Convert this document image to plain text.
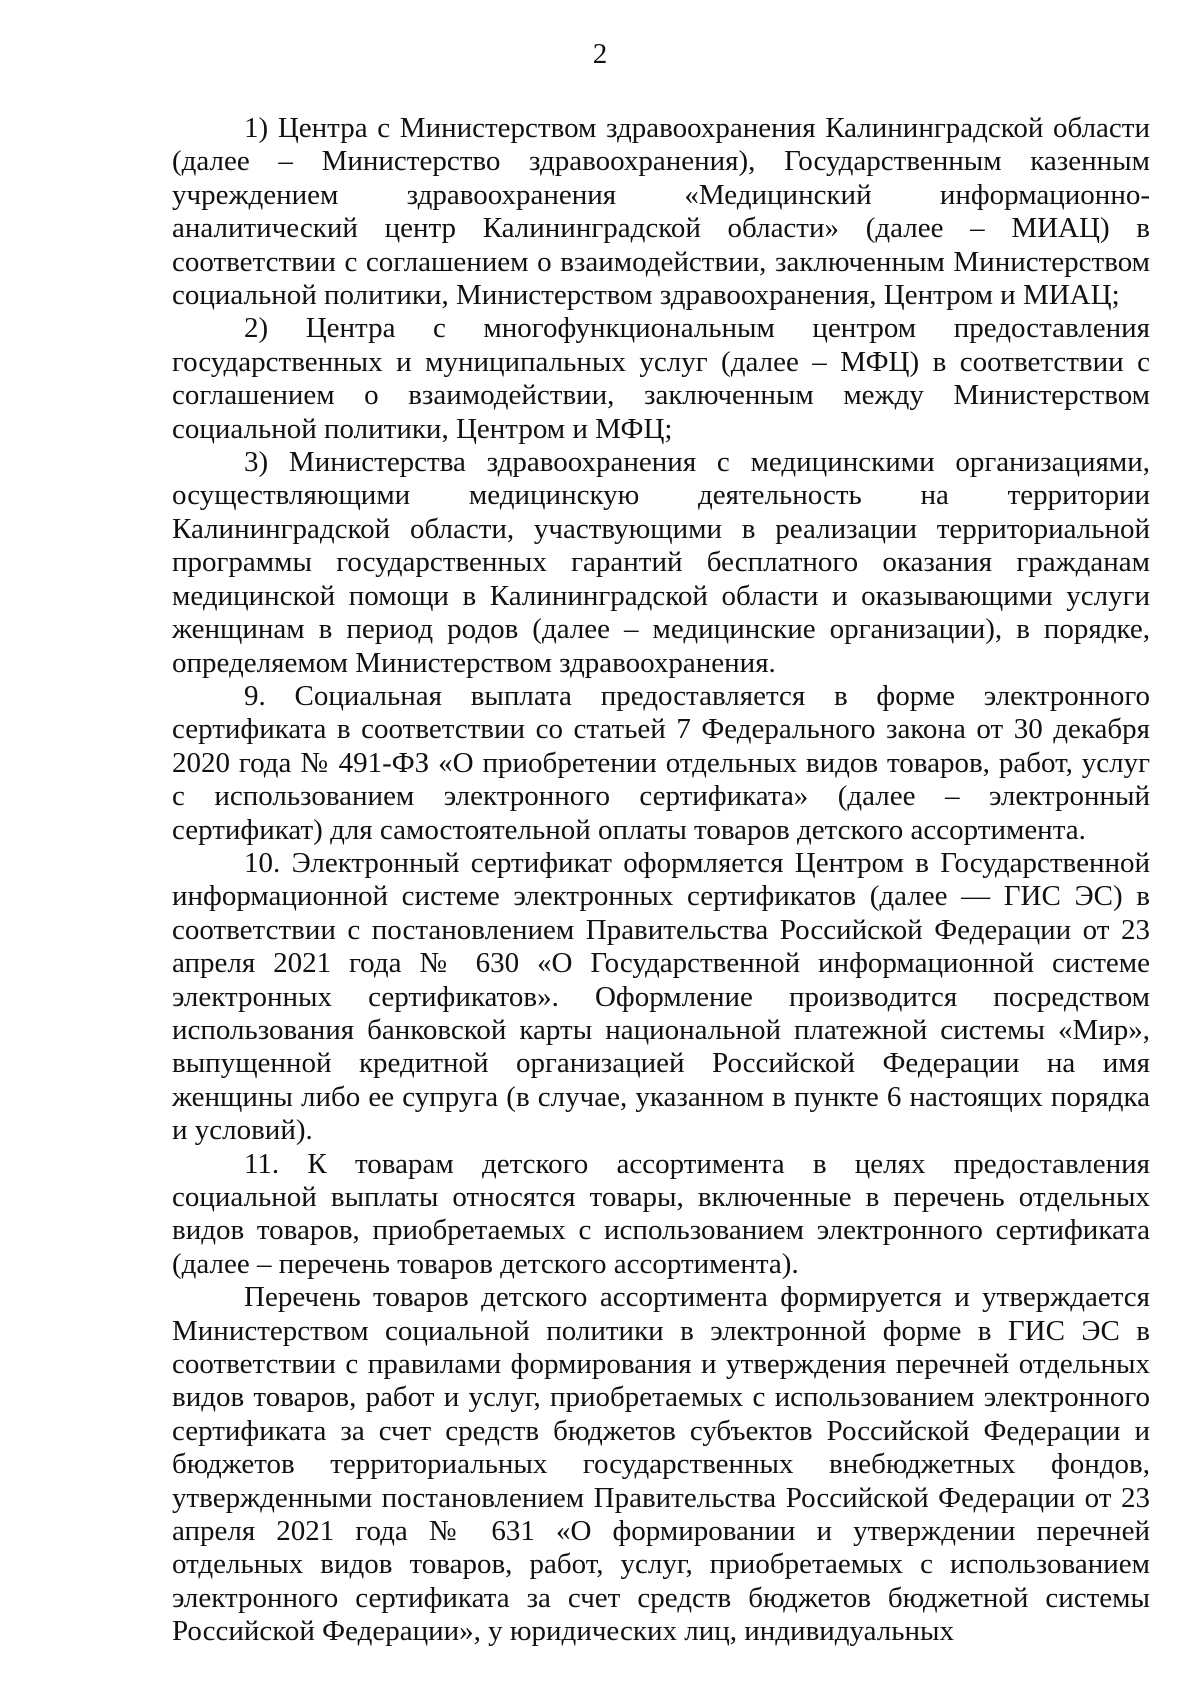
2

1) Центра с Министерством здравоохранения Калининградской области (далее – Министерство здравоохранения), Государственным казенным учреждением здравоохранения «Медицинский информационно-аналитический центр Калининградской области» (далее – МИАЦ) в соответствии с соглашением о взаимодействии, заключенным Министерством социальной политики, Министерством здравоохранения, Центром и МИАЦ;

2) Центра с многофункциональным центром предоставления государственных и муниципальных услуг (далее – МФЦ) в соответствии с соглашением о взаимодействии, заключенным между Министерством социальной политики, Центром и МФЦ;

3) Министерства здравоохранения с медицинскими организациями, осуществляющими медицинскую деятельность на территории Калининградской области, участвующими в реализации территориальной программы государственных гарантий бесплатного оказания гражданам медицинской помощи в Калининградской области и оказывающими услуги женщинам в период родов (далее – медицинские организации), в порядке, определяемом Министерством здравоохранения.

9. Социальная выплата предоставляется в форме электронного сертификата в соответствии со статьей 7 Федерального закона от 30 декабря 2020 года № 491-ФЗ «О приобретении отдельных видов товаров, работ, услуг с использованием электронного сертификата» (далее – электронный сертификат) для самостоятельной оплаты товаров детского ассортимента.

10. Электронный сертификат оформляется Центром в Государственной информационной системе электронных сертификатов (далее — ГИС ЭС) в соответствии с постановлением Правительства Российской Федерации от 23 апреля 2021 года № 630 «О Государственной информационной системе электронных сертификатов». Оформление производится посредством использования банковской карты национальной платежной системы «Мир», выпущенной кредитной организацией Российской Федерации на имя женщины либо ее супруга (в случае, указанном в пункте 6 настоящих порядка и условий).

11. К товарам детского ассортимента в целях предоставления социальной выплаты относятся товары, включенные в перечень отдельных видов товаров, приобретаемых с использованием электронного сертификата (далее – перечень товаров детского ассортимента).

Перечень товаров детского ассортимента формируется и утверждается Министерством социальной политики в электронной форме в ГИС ЭС в соответствии с правилами формирования и утверждения перечней отдельных видов товаров, работ и услуг, приобретаемых с использованием электронного сертификата за счет средств бюджетов субъектов Российской Федерации и бюджетов территориальных государственных внебюджетных фондов, утвержденными постановлением Правительства Российской Федерации от 23 апреля 2021 года № 631 «О формировании и утверждении перечней отдельных видов товаров, работ, услуг, приобретаемых с использованием электронного сертификата за счет средств бюджетов бюджетной системы Российской Федерации», у юридических лиц, индивидуальных
